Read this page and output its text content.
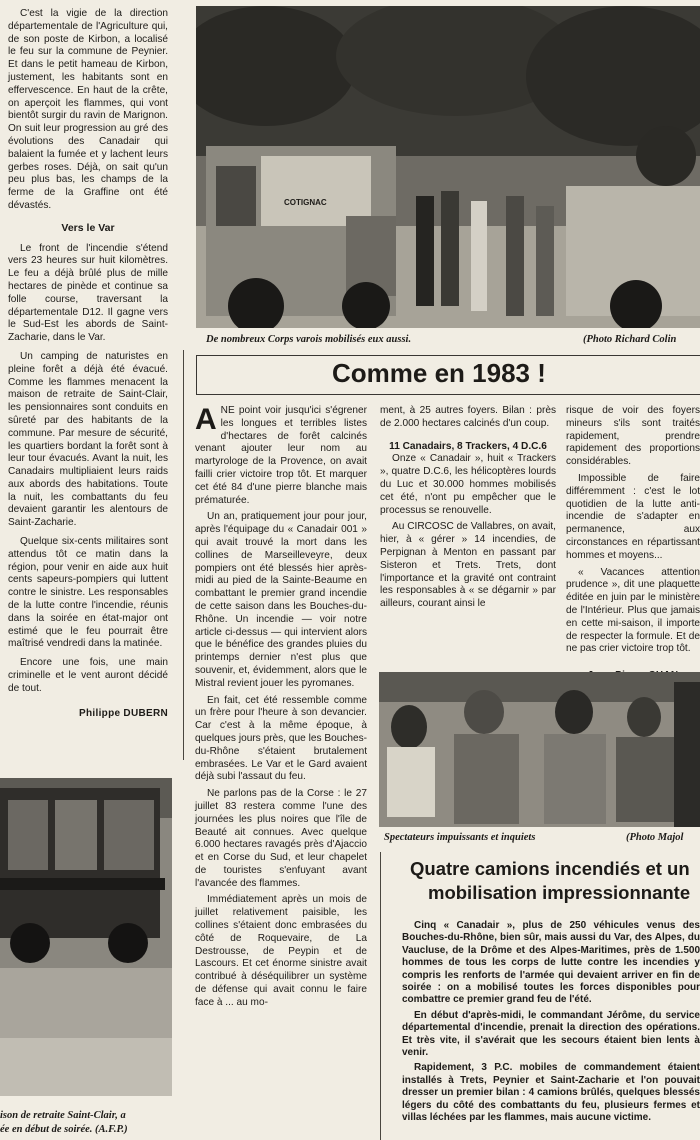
C'est la vigie de la direction départementale de l'Agriculture qui, de son poste de Kirbon, a localisé le feu sur la commune de Peynier. Et dans le petit hameau de Kirbon, justement, les habitants sont en effervescence. En haut de la crête, on aperçoit les flammes, qui vont bientôt surgir du ravin de Marignon. On suit leur progression au gré des évolutions des Canadair qui balaient la fumée et y lachent leurs gerbes roses. Déjà, on sait qu'un peu plus bas, les champs de la ferme de la Graffine ont été dévastés.

Vers le Var

Le front de l'incendie s'étend vers 23 heures sur huit kilomètres. Le feu a déjà brûlé plus de mille hectares de pinède et continue sa folle course, traversant la départementale D12. Il gagne vers le Sud-Est les abords de Saint-Zacharie, dans le Var.

Un camping de naturistes en pleine forêt a déjà été évacué. Comme les flammes menacent la maison de retraite de Saint-Clair, les pensionnaires sont conduits en sûreté par des habitants de la commune. Par mesure de sécurité, les quartiers bordant la forêt sont à leur tour évacués. Avant la nuit, les Canadairs multipliaient leurs raids aux abords des habitations. Toute la nuit, les combattants du feu devaient garantir les alentours de Saint-Zacharie.

Quelque six-cents militaires sont attendus tôt ce matin dans la région, pour venir en aide aux huit cents sapeurs-pompiers qui luttent contre le sinistre. Les responsables de la lutte contre l'incendie, réunis dans la soirée en état-major ont estimé que le feu pourrait être maîtrisé vendredi dans la matinée.

Encore une fois, une main criminelle et le vent auront décidé de tout.

Philippe DUBERN
ison de retraite Saint-Clair, a
ée en début de soirée. (A.F.P.)
COTIGNAC
De nombreux Corps varois mobilisés eux aussi.	(Photo Richard Colin
Comme en 1983 !

ANE point voir jusqu'ici s'égrener les longues et terribles listes d'hectares de forêt calcinés venant ajouter leur nom au martyrologe de la Provence, on avait failli crier victoire trop tôt. Et marquer cet été 84 d'une pierre blanche mais prématurée.

Un an, pratiquement jour pour jour, après l'équipage du « Canadair 001 » qui avait trouvé la mort dans les collines de Marseilleveyre, deux pompiers ont été blessés hier après-midi au pied de la Sainte-Beaume en combattant le premier grand incendie de cette saison dans les Bouches-du-Rhône. Un incendie — voir notre article ci-dessus — qui intervient alors que le bénéfice des grandes pluies du printemps dernier n'est plus que souvenir, et, évidemment, alors que le Mistral revient jouer les pyromanes.

En fait, cet été ressemble comme un frère pour l'heure à son devancier. Car c'est à la même époque, à quelques jours près, que les Bouches-du-Rhône s'étaient brutalement embrasées. Le Var et le Gard avaient déjà subi l'assaut du feu.

Ne parlons pas de la Corse : le 27 juillet 83 restera comme l'une des journées les plus noires que l'île de Beauté ait connues. Avec quelque 6.000 hectares ravagés près d'Ajaccio et en Corse du Sud, et leur chapelet de touristes s'enfuyant avant l'avancée des flammes.

Immédiatement après un mois de juillet relativement paisible, les collines s'étaient donc embrasées du côté de Roquevaire, de La Destrousse, de Peypin et de Lascours. Et cet énorme sinistre avait contribué à déséquilibrer un système de défense qui avait connu le faire face à ... au mo-

ment, à 25 autres foyers. Bilan : près de 2.000 hectares calcinés d'un coup.

11 Canadairs, 8 Trackers, 4 D.C.6

Onze « Canadair », huit « Trackers », quatre D.C.6, les hélicoptères lourds du Luc et 30.000 hommes mobilisés cet été, n'ont pu empêcher que le processus se renouvelle.

Au CIRCOSC de Vallabres, on avait, hier, à « gérer » 14 incendies, de Perpignan à Menton en passant par Sisteron et Trets. Trets, dont l'importance et la gravité ont contraint les responsables à « se dégarnir » par ailleurs, courant ainsi le

risque de voir des foyers mineurs s'ils sont traités rapidement, prendre rapidement des proportions considérables.

Impossible de faire différemment : c'est le lot quotidien de la lutte anti-incendie de s'adapter en permanence, aux circonstances en répartissant hommes et moyens...

« Vacances attention prudence », dit une plaquette éditée en juin par le ministère de l'Intérieur. Plus que jamais en cette mi-saison, il importe de respecter la formule. Et de ne pas crier victoire trop tôt.

Spectateurs impuissants et inquiets	(Photo Majol
Quatre camions incendiés et un
mobilisation impressionnante

Cinq « Canadair », plus de 250 véhicules venus des Bouches-du-Rhône, bien sûr, mais aussi du Var, des Alpes, du Vaucluse, de la Drôme et des Alpes-Maritimes, près de 1.500 hommes de tous les corps de lutte contre les incendies y compris les renforts de l'armée qui devaient arriver en fin de soirée : on a mobilisé toutes les forces disponibles pour combattre ce premier grand feu de l'été.

En début d'après-midi, le commandant Jérôme, du service départemental d'incendie, prenait la direction des opérations. Et très vite, il s'avérait que les secours étaient bien lents à venir.

Rapidement, 3 P.C. mobiles de commandement étaient installés à Trets, Peynier et Saint-Zacharie et l'on pouvait dresser un premier bilan : 4 camions brûlés, quelques blessés légers du côté des combattants du feu, plusieurs fermes et villas léchées par les flammes, mais aucune victime.
